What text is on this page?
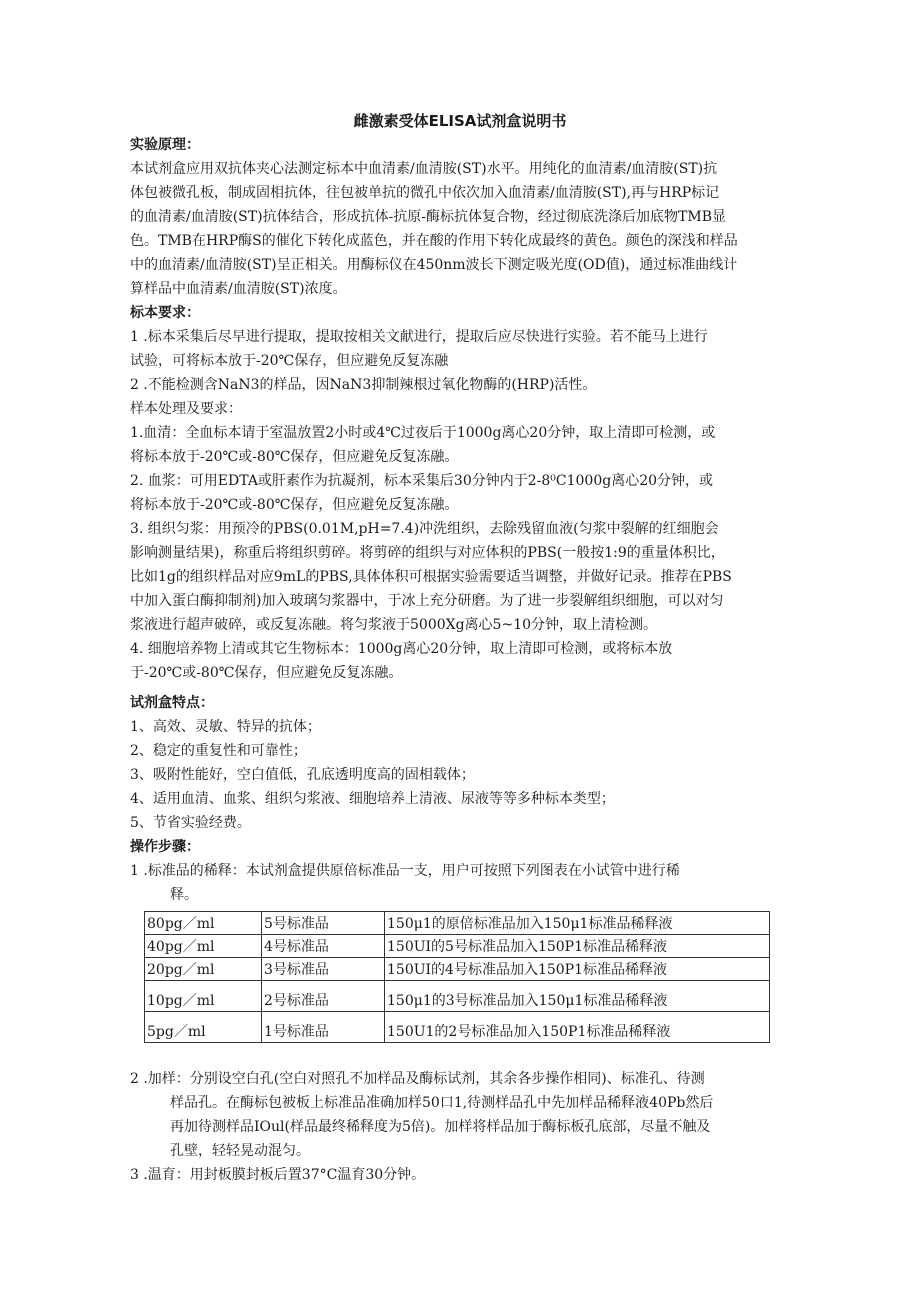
雌激素受体ELISA试剂盒说明书

实验原理：

本试剂盒应用双抗体夹心法测定标本中血清素/血清胺(ST)水平。用纯化的血清素/血清胺(ST)抗

体包被微孔板，制成固相抗体，往包被单抗的微孔中依次加入血清素/血清胺(ST),再与HRP标记

的血清素/血清胺(ST)抗体结合，形成抗体-抗原-酶标抗体复合物，经过彻底洗涤后加底物TMB显

色。TMB在HRP酶S的催化下转化成蓝色，并在酸的作用下转化成最终的黄色。颜色的深浅和样品

中的血清素/血清胺(ST)呈正相关。用酶标仪在450nm波长下测定吸光度(OD值)，通过标准曲线计

算样品中血清素/血清胺(ST)浓度。

标本要求：

1 .标本采集后尽早进行提取，提取按相关文献进行，提取后应尽快进行实验。若不能马上进行

试验，可将标本放于-20℃保存，但应避免反复冻融

2 .不能检测含NaN3的样品，因NaN3抑制辣根过氧化物酶的(HRP)活性。

样本处理及要求：

1.血清：全血标本请于室温放置2小时或4℃过夜后于1000g离心20分钟，取上清即可检测，或

将标本放于-20℃或-80℃保存，但应避免反复冻融。

2. 血浆：可用EDTA或肝素作为抗凝剂，标本采集后30分钟内于2-8⁰C1000g离心20分钟，或

将标本放于-20℃或-80℃保存，但应避免反复冻融。

3. 组织匀浆：用预冷的PBS(0.01M,pH=7.4)冲洗组织，去除残留血液(匀浆中裂解的红细胞会

影响测量结果)，称重后将组织剪碎。将剪碎的组织与对应体积的PBS(一般按1:9的重量体积比，

比如1g的组织样品对应9mL的PBS,具体体积可根据实验需要适当调整，并做好记录。推荐在PBS

中加入蛋白酶抑制剂)加入玻璃匀浆器中，于冰上充分研磨。为了进一步裂解组织细胞，可以对匀

浆液进行超声破碎，或反复冻融。将匀浆液于5000Xg离心5~10分钟，取上清检测。

4. 细胞培养物上清或其它生物标本：1000g离心20分钟，取上清即可检测，或将标本放

于-20℃或-80℃保存，但应避免反复冻融。

试剂盒特点：

1、高效、灵敏、特异的抗体；

2、稳定的重复性和可靠性；

3、吸附性能好，空白值低，孔底透明度高的固相载体；

4、适用血清、血浆、组织匀浆液、细胞培养上清液、尿液等等多种标本类型；

5、节省实验经费。

操作步骤：

1 .标准品的稀释：本试剂盒提供原倍标准品一支，用户可按照下列图表在小试管中进行稀

释。

80pg／ml	5号标准品	150μ1的原倍标准品加入150μ1标准品稀释液
40pg／ml	4号标准品	150UI的5号标准品加入150P1标准品稀释液
20pg／ml	3号标准品	150UI的4号标准品加入150P1标准品稀释液
10pg／ml	2号标准品	150μ1的3号标准品加入150μ1标准品稀释液
5pg／ml	1号标准品	150U1的2号标准品加入150P1标准品稀释液

2 .加样：分别设空白孔(空白对照孔不加样品及酶标试剂，其余各步操作相同)、标准孔、待测

样品孔。在酶标包被板上标准品准确加样50口1,待测样品孔中先加样品稀释液40Pb然后

再加待测样品IOul(样品最终稀释度为5倍)。加样将样品加于酶标板孔底部，尽量不触及

孔壁，轻轻晃动混匀。

3 .温育：用封板膜封板后置37°C温育30分钟。
